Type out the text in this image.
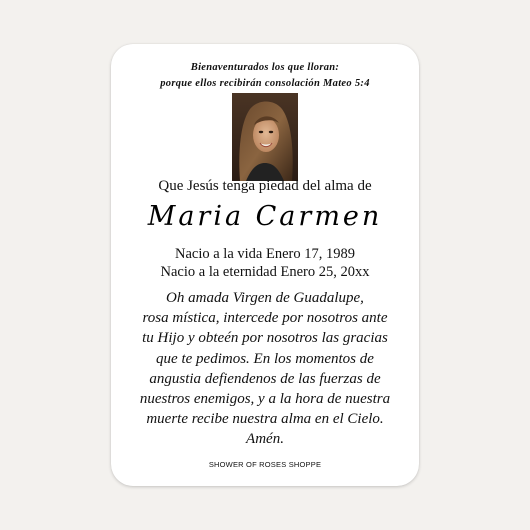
Bienaventurados los que lloran:
porque ellos recibirán consolación Mateo 5:4
Que Jesús tenga piedad del alma de
Maria Carmen
Nacio a la vida Enero 17, 1989
Nacio a la eternidad Enero 25, 20xx
Oh amada Virgen de Guadalupe,
rosa mística, intercede por nosotros ante
tu Hijo y obteén por nosotros las gracias
que te pedimos. En los momentos de
angustia defiendenos de las fuerzas de
nuestros enemigos, y a la hora de nuestra
muerte recibe nuestra alma en el Cielo.
Amén.
SHOWER OF ROSES SHOPPE
